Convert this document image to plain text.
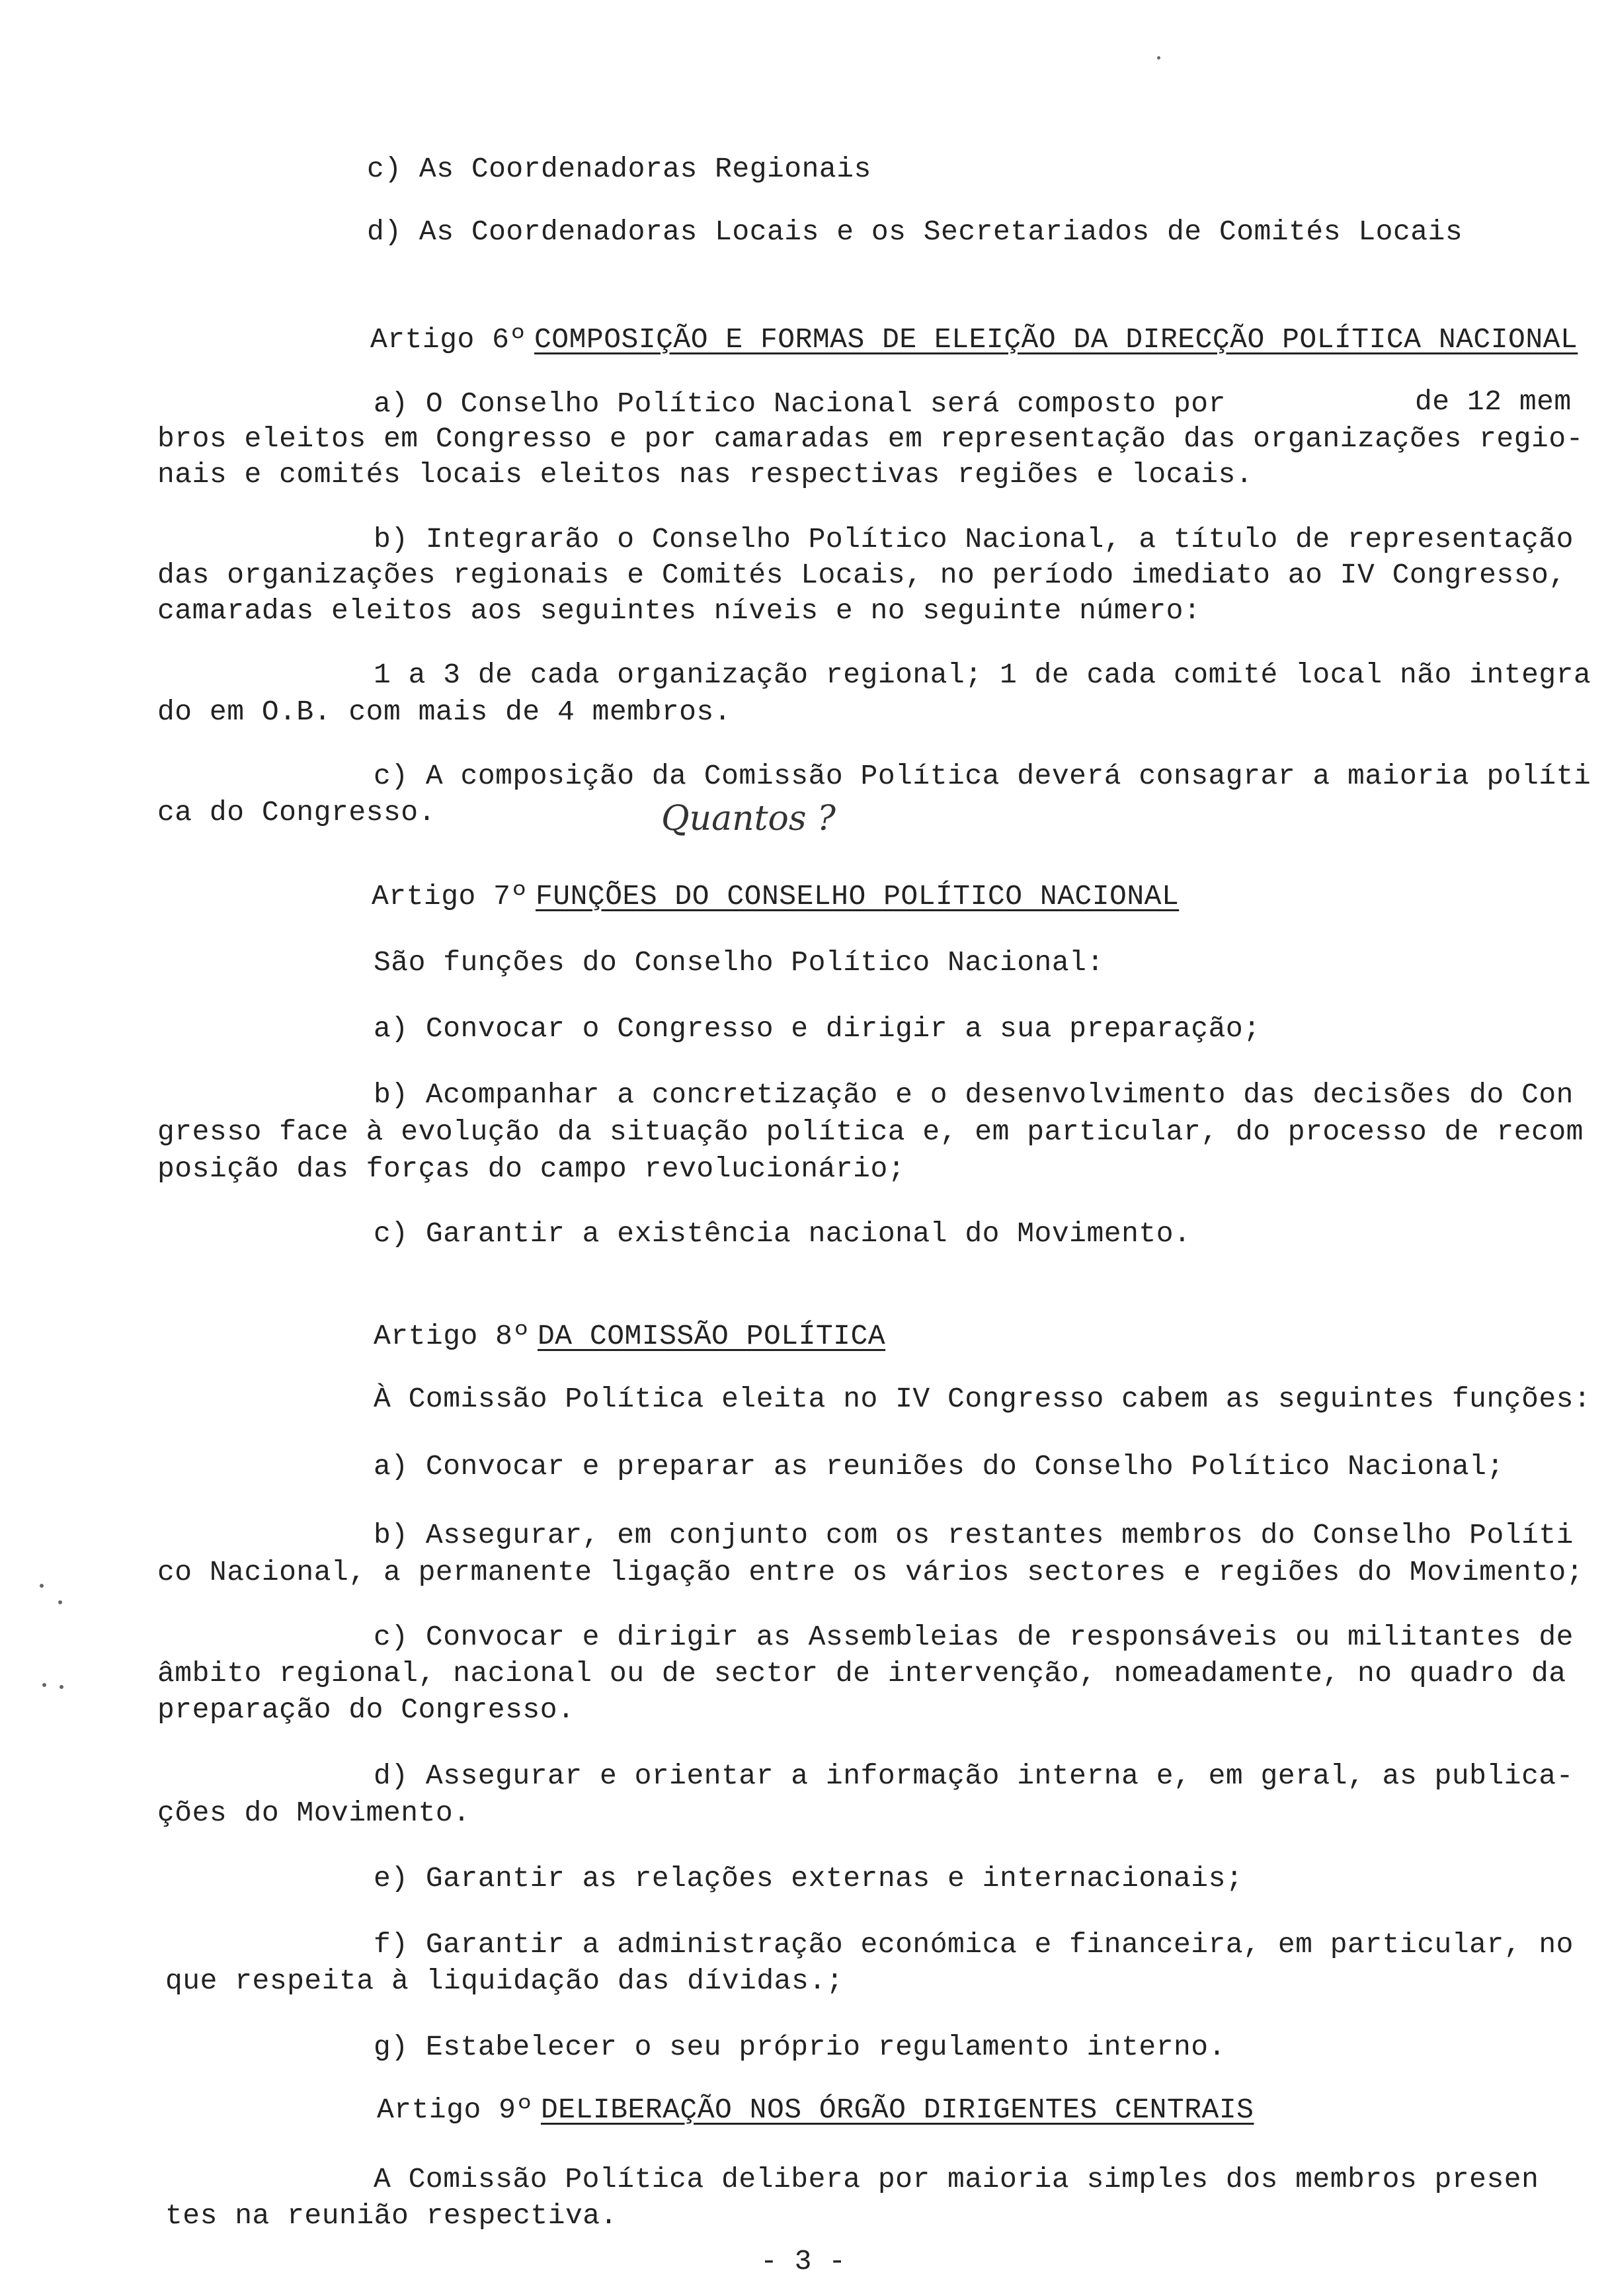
c) As Coordenadoras Regionais
d) As Coordenadoras Locais e os Secretariados de Comités Locais
Artigo 6º COMPOSIÇÃO E FORMAS DE ELEIÇÃO DA DIRECÇÃO POLÍTICA NACIONAL
a) O Conselho Político Nacional será composto por	de 12 mem
bros eleitos em Congresso e por camaradas em representação das organizações regio-
nais e comités locais eleitos nas respectivas regiões e locais.
b) Integrarão o Conselho Político Nacional, a título de representação
das organizações regionais e Comités Locais, no período imediato ao IV Congresso,
camaradas eleitos aos seguintes níveis e no seguinte número:
1 a 3 de cada organização regional; 1 de cada comité local não integra
do em O.B. com mais de 4 membros.
c) A composição da Comissão Política deverá consagrar a maioria políti
ca do Congresso.	Quantos ?
Artigo 7º FUNÇÕES DO CONSELHO POLÍTICO NACIONAL
São funções do Conselho Político Nacional:
a) Convocar o Congresso e dirigir a sua preparação;
b) Acompanhar a concretização e o desenvolvimento das decisões do Con
gresso face à evolução da situação política e, em particular, do processo de recom
posição das forças do campo revolucionário;
c) Garantir a existência nacional do Movimento.
Artigo 8º DA COMISSÃO POLÍTICA
À Comissão Política eleita no IV Congresso cabem as seguintes funções:
a) Convocar e preparar as reuniões do Conselho Político Nacional;
b) Assegurar, em conjunto com os restantes membros do Conselho Políti
co Nacional, a permanente ligação entre os vários sectores e regiões do Movimento;
c) Convocar e dirigir as Assembleias de responsáveis ou militantes de
âmbito regional, nacional ou de sector de intervenção, nomeadamente, no quadro da
preparação do Congresso.
d) Assegurar e orientar a informação interna e, em geral, as publica-
ções do Movimento.
e) Garantir as relações externas e internacionais;
f) Garantir a administração económica e financeira, em particular, no
que respeita à liquidação das dívidas.;
g) Estabelecer o seu próprio regulamento interno.
Artigo 9º DELIBERAÇÃO NOS ÓRGÃO DIRIGENTES CENTRAIS
A Comissão Política delibera por maioria simples dos membros presen
tes na reunião respectiva.
- 3 -
